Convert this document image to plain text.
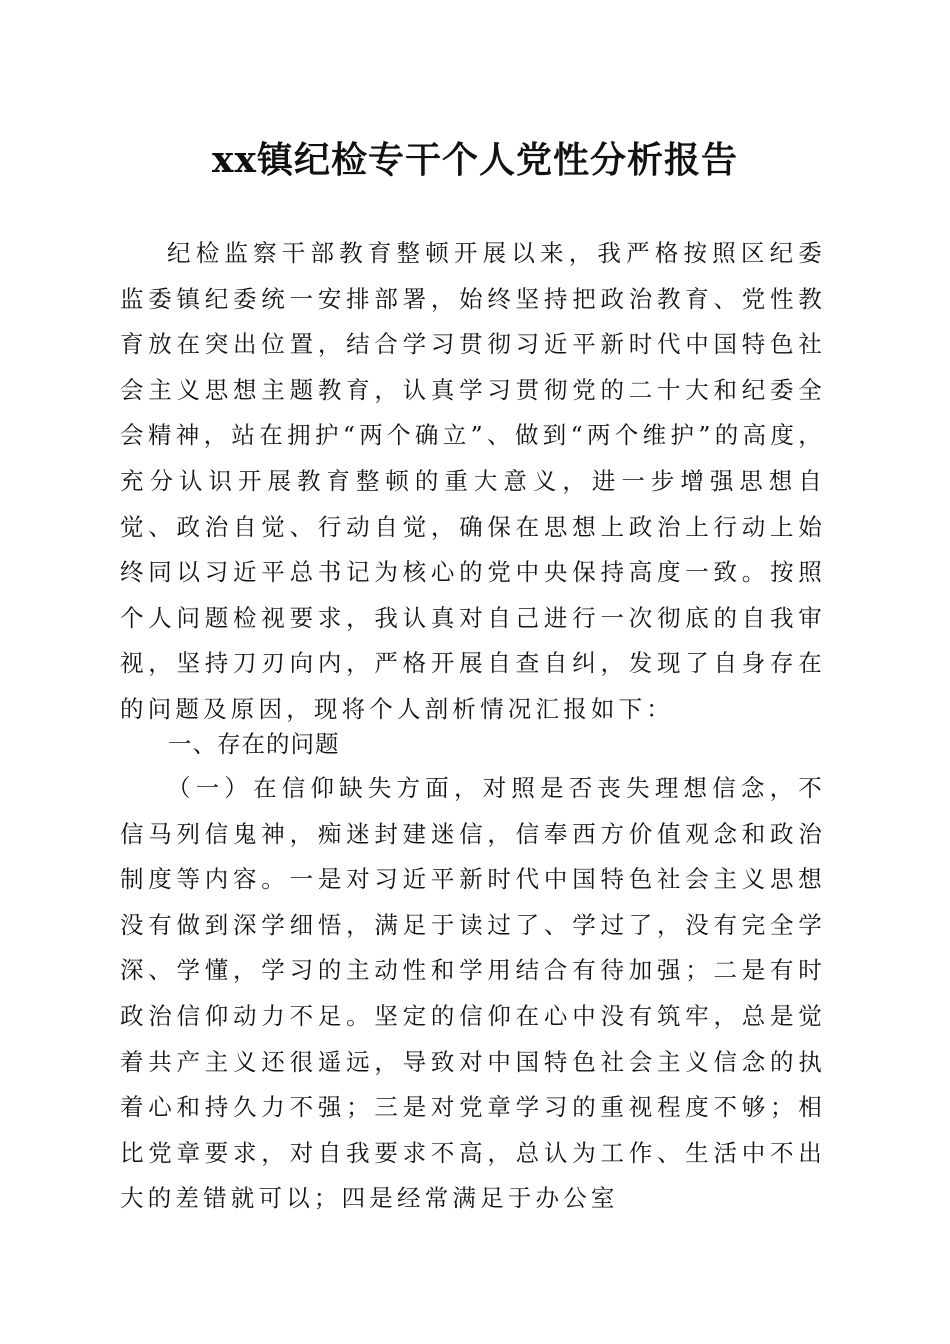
xx镇纪检专干个人党性分析报告
纪检监察干部教育整顿开展以来，我严格按照区纪委监委镇纪委统一安排部署，始终坚持把政治教育、党性教育放在突出位置，结合学习贯彻习近平新时代中国特色社会主义思想主题教育，认真学习贯彻党的二十大和纪委全会精神，站在拥护“两个确立”、做到“两个维护”的高度，充分认识开展教育整顿的重大意义，进一步增强思想自觉、政治自觉、行动自觉，确保在思想上政治上行动上始终同以习近平总书记为核心的党中央保持高度一致。按照个人问题检视要求，我认真对自己进行一次彻底的自我审视，坚持刀刃向内，严格开展自查自纠，发现了自身存在的问题及原因，现将个人剖析情况汇报如下：
一、存在的问题
（一）在信仰缺失方面，对照是否丧失理想信念，不信马列信鬼神，痴迷封建迷信，信奉西方价值观念和政治制度等内容。一是对习近平新时代中国特色社会主义思想没有做到深学细悟，满足于读过了、学过了，没有完全学深、学懂，学习的主动性和学用结合有待加强；二是有时政治信仰动力不足。坚定的信仰在心中没有筑牢，总是觉着共产主义还很遥远，导致对中国特色社会主义信念的执着心和持久力不强；三是对党章学习的重视程度不够；相比党章要求，对自我要求不高，总认为工作、生活中不出大的差错就可以；四是经常满足于办公室
